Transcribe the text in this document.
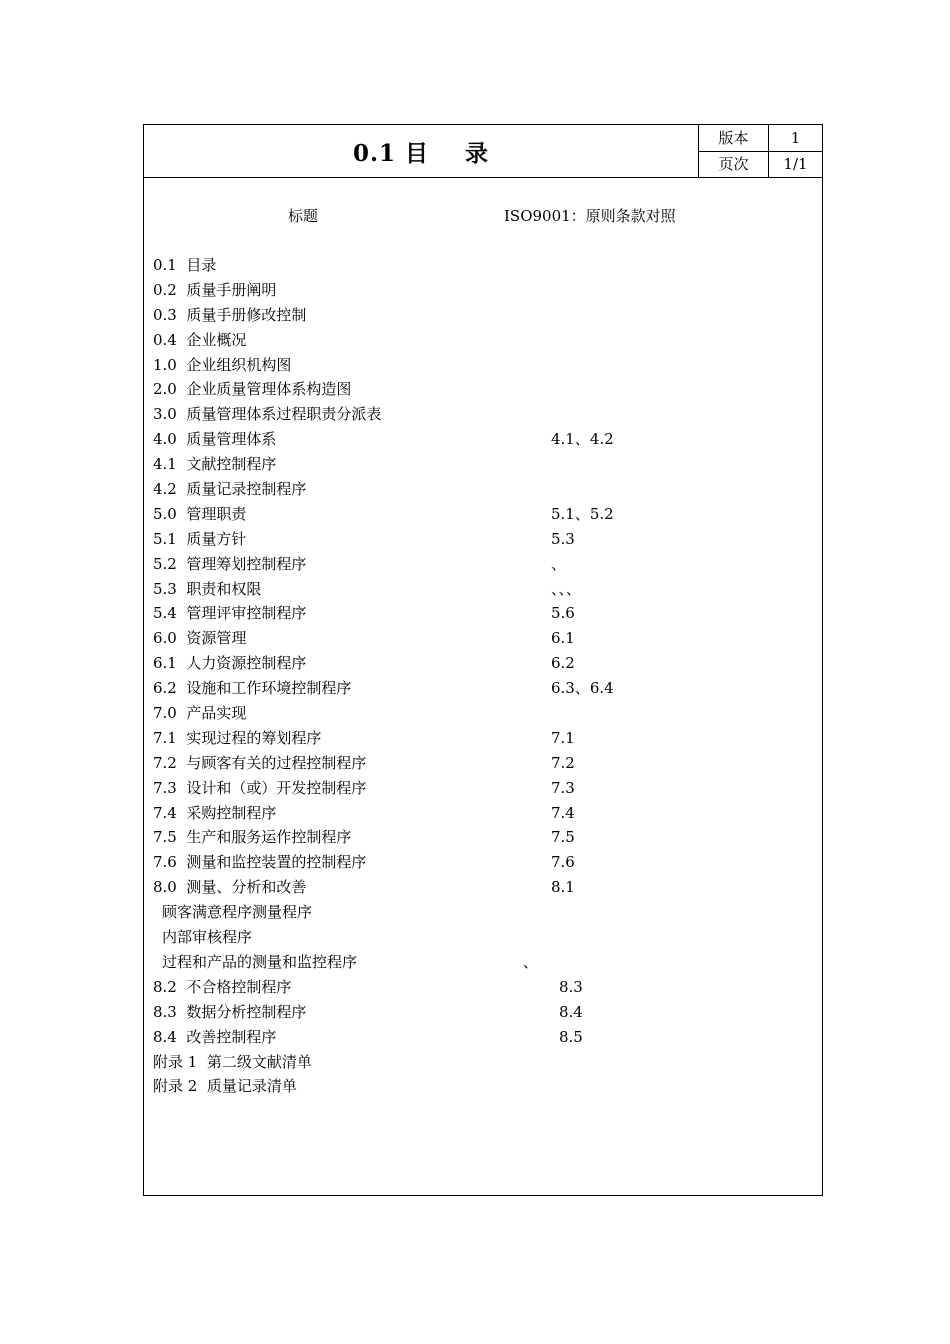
0.1 目    录
版本	1
页次	1/1
标题	ISO9001：原则条款对照
0.1  目录
0.2  质量手册阐明
0.3  质量手册修改控制
0.4  企业概况
1.0  企业组织机构图
2.0  企业质量管理体系构造图
3.0  质量管理体系过程职责分派表
4.0  质量管理体系	4.1、4.2
4.1  文献控制程序
4.2  质量记录控制程序
5.0  管理职责	5.1、5.2
5.1  质量方针	5.3
5.2  管理筹划控制程序	、
5.3  职责和权限	、、、
5.4  管理评审控制程序	5.6
6.0  资源管理	6.1
6.1  人力资源控制程序	6.2
6.2  设施和工作环境控制程序	6.3、6.4
7.0  产品实现
7.1  实现过程的筹划程序	7.1
7.2  与顾客有关的过程控制程序	7.2
7.3  设计和（或）开发控制程序	7.3
7.4  采购控制程序	7.4
7.5  生产和服务运作控制程序	7.5
7.6  测量和监控装置的控制程序	7.6
8.0  测量、分析和改善	8.1
顾客满意程序测量程序
内部审核程序
过程和产品的测量和监控程序	、
8.2  不合格控制程序	8.3
8.3  数据分析控制程序	8.4
8.4  改善控制程序	8.5
附录 1  第二级文献清单
附录 2  质量记录清单
